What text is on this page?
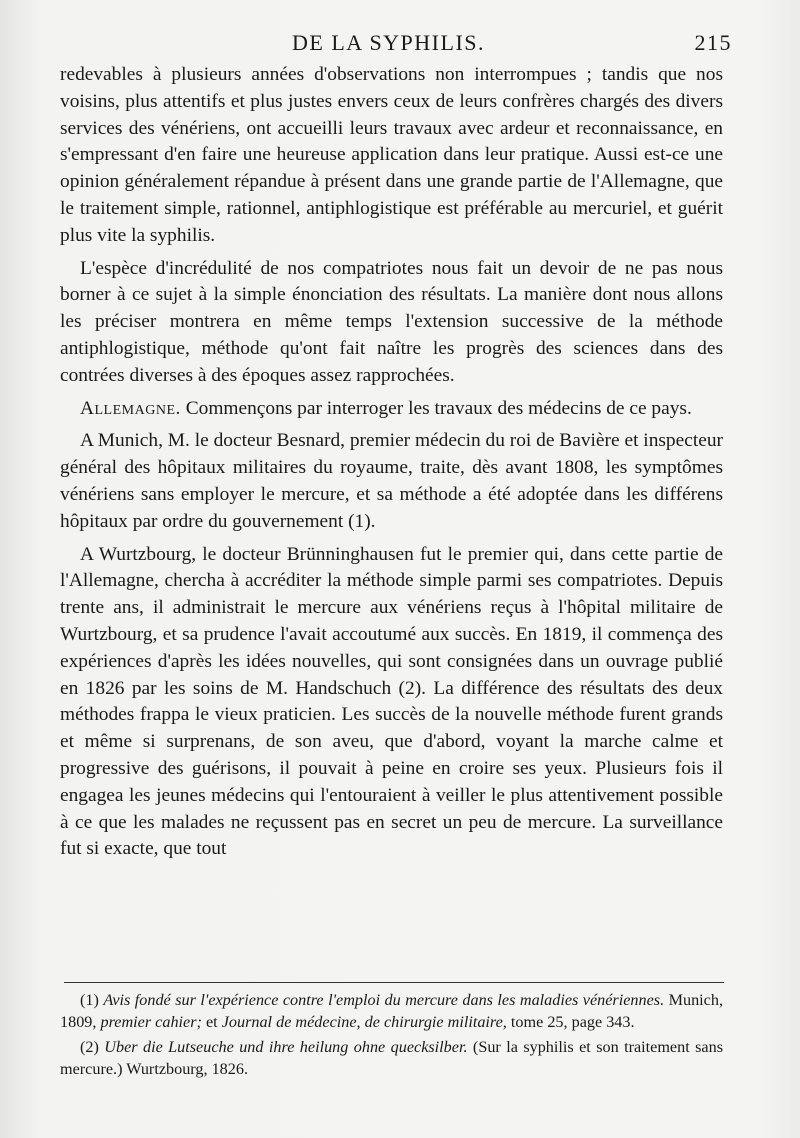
DE LA SYPHILIS.	215

redevables à plusieurs années d'observations non interrompues ; tandis que nos voisins, plus attentifs et plus justes envers ceux de leurs confrères chargés des divers services des vénériens, ont accueilli leurs travaux avec ardeur et reconnaissance, en s'empressant d'en faire une heureuse application dans leur pratique. Aussi est-ce une opinion généralement répandue à présent dans une grande partie de l'Allemagne, que le traitement simple, rationnel, antiphlogistique est préférable au mercuriel, et guérit plus vite la syphilis.

L'espèce d'incrédulité de nos compatriotes nous fait un devoir de ne pas nous borner à ce sujet à la simple énonciation des résultats. La manière dont nous allons les préciser montrera en même temps l'extension successive de la méthode antiphlogistique, méthode qu'ont fait naître les progrès des sciences dans des contrées diverses à des époques assez rapprochées.

Allemagne. Commençons par interroger les travaux des médecins de ce pays.

A Munich, M. le docteur Besnard, premier médecin du roi de Bavière et inspecteur général des hôpitaux militaires du royaume, traite, dès avant 1808, les symptômes vénériens sans employer le mercure, et sa méthode a été adoptée dans les différens hôpitaux par ordre du gouvernement (1).

A Wurtzbourg, le docteur Brünninghausen fut le premier qui, dans cette partie de l'Allemagne, chercha à accréditer la méthode simple parmi ses compatriotes. Depuis trente ans, il administrait le mercure aux vénériens reçus à l'hôpital militaire de Wurtzbourg, et sa prudence l'avait accoutumé aux succès. En 1819, il commença des expériences d'après les idées nouvelles, qui sont consignées dans un ouvrage publié en 1826 par les soins de M. Handschuch (2). La différence des résultats des deux méthodes frappa le vieux praticien. Les succès de la nouvelle méthode furent grands et même si surprenans, de son aveu, que d'abord, voyant la marche calme et progressive des guérisons, il pouvait à peine en croire ses yeux. Plusieurs fois il engagea les jeunes médecins qui l'entouraient à veiller le plus attentivement possible à ce que les malades ne reçussent pas en secret un peu de mercure. La surveillance fut si exacte, que tout

(1) Avis fondé sur l'expérience contre l'emploi du mercure dans les maladies vénériennes. Munich, 1809, premier cahier; et Journal de médecine, de chirurgie militaire, tome 25, page 343.

(2) Uber die Lutseuche und ihre heilung ohne quecksilber. (Sur la syphilis et son traitement sans mercure.) Wurtzbourg, 1826.
